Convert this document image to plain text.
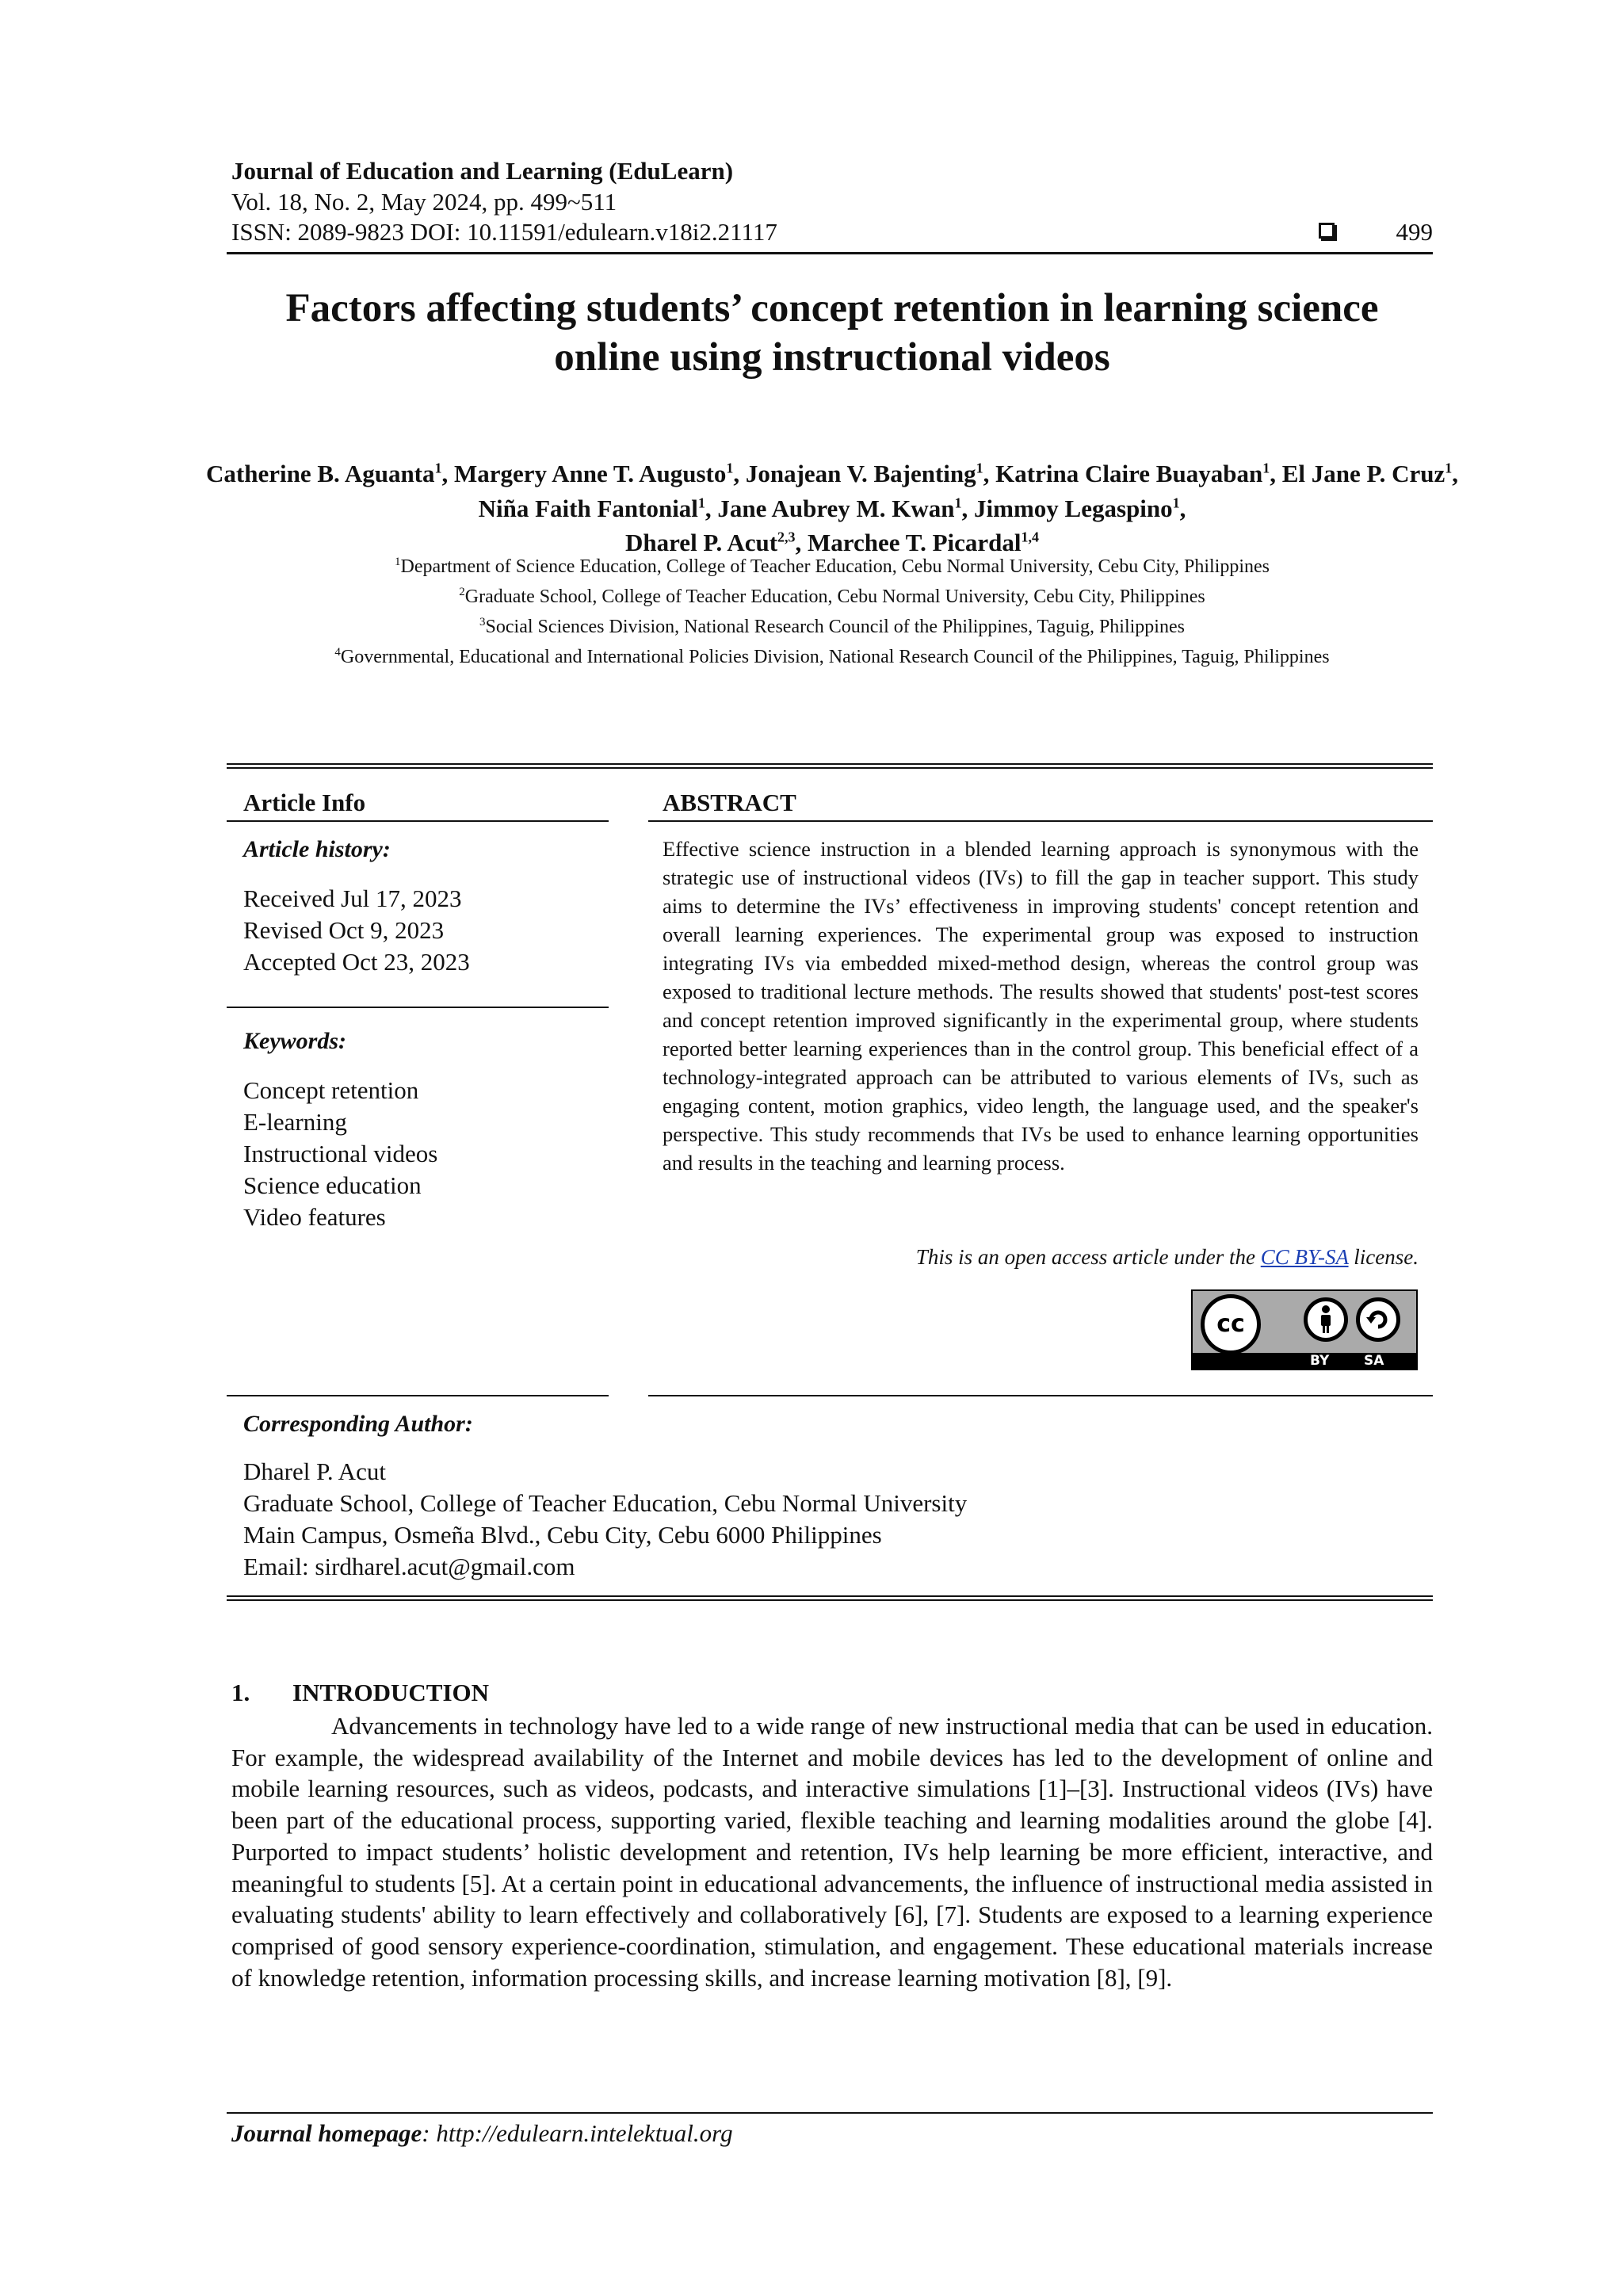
Journal of Education and Learning (EduLearn)
Vol. 18, No. 2, May 2024, pp. 499~511
ISSN: 2089-9823 DOI: 10.11591/edulearn.v18i2.21117	499
Factors affecting students’ concept retention in learning science
online using instructional videos
Catherine B. Aguanta$^1$, Margery Anne T. Augusto$^1$, Jonajean V. Bajenting$^1$, Katrina Claire Buayaban$^1$, El Jane P. Cruz$^1$, Niña Faith Fantonial$^1$, Jane Aubrey M. Kwan$^1$, Jimmoy Legaspino$^1$,
Dharel P. Acut$^{2,3}$, Marchee T. Picardal$^{1,4}$
$^1$Department of Science Education, College of Teacher Education, Cebu Normal University, Cebu City, Philippines
$^2$Graduate School, College of Teacher Education, Cebu Normal University, Cebu City, Philippines
$^3$Social Sciences Division, National Research Council of the Philippines, Taguig, Philippines
$^4$Governmental, Educational and International Policies Division, National Research Council of the Philippines, Taguig, Philippines
Article Info	ABSTRACT
Article history:
Received Jul 17, 2023
Revised Oct 9, 2023
Accepted Oct 23, 2023
Keywords:
Concept retention
E-learning
Instructional videos
Science education
Video features
Effective science instruction in a blended learning approach is synonymous with the strategic use of instructional videos (IVs) to fill the gap in teacher support. This study aims to determine the IVs’ effectiveness in improving students' concept retention and overall learning experiences. The experimental group was exposed to instruction integrating IVs via embedded mixed-method design, whereas the control group was exposed to traditional lecture methods. The results showed that students' post-test scores and concept retention improved significantly in the experimental group, where students reported better learning experiences than in the control group. This beneficial effect of a technology-integrated approach can be attributed to various elements of IVs, such as engaging content, motion graphics, video length, the language used, and the speaker's perspective. This study recommends that IVs be used to enhance learning opportunities and results in the teaching and learning process.
This is an open access article under the CC BY-SA license.
cc
BY	SA
Corresponding Author:
Dharel P. Acut
Graduate School, College of Teacher Education, Cebu Normal University
Main Campus, Osmeña Blvd., Cebu City, Cebu 6000 Philippines
Email: sirdharel.acut@gmail.com
1. INTRODUCTION
Advancements in technology have led to a wide range of new instructional media that can be used in education. For example, the widespread availability of the Internet and mobile devices has led to the development of online and mobile learning resources, such as videos, podcasts, and interactive simulations [1]–[3]. Instructional videos (IVs) have been part of the educational process, supporting varied, flexible teaching and learning modalities around the globe [4]. Purported to impact students’ holistic development and retention, IVs help learning be more efficient, interactive, and meaningful to students [5]. At a certain point in educational advancements, the influence of instructional media assisted in evaluating students' ability to learn effectively and collaboratively [6], [7]. Students are exposed to a learning experience comprised of good sensory experience-coordination, stimulation, and engagement. These educational materials increase of knowledge retention, information processing skills, and increase learning motivation [8], [9].
Journal homepage: http://edulearn.intelektual.org
